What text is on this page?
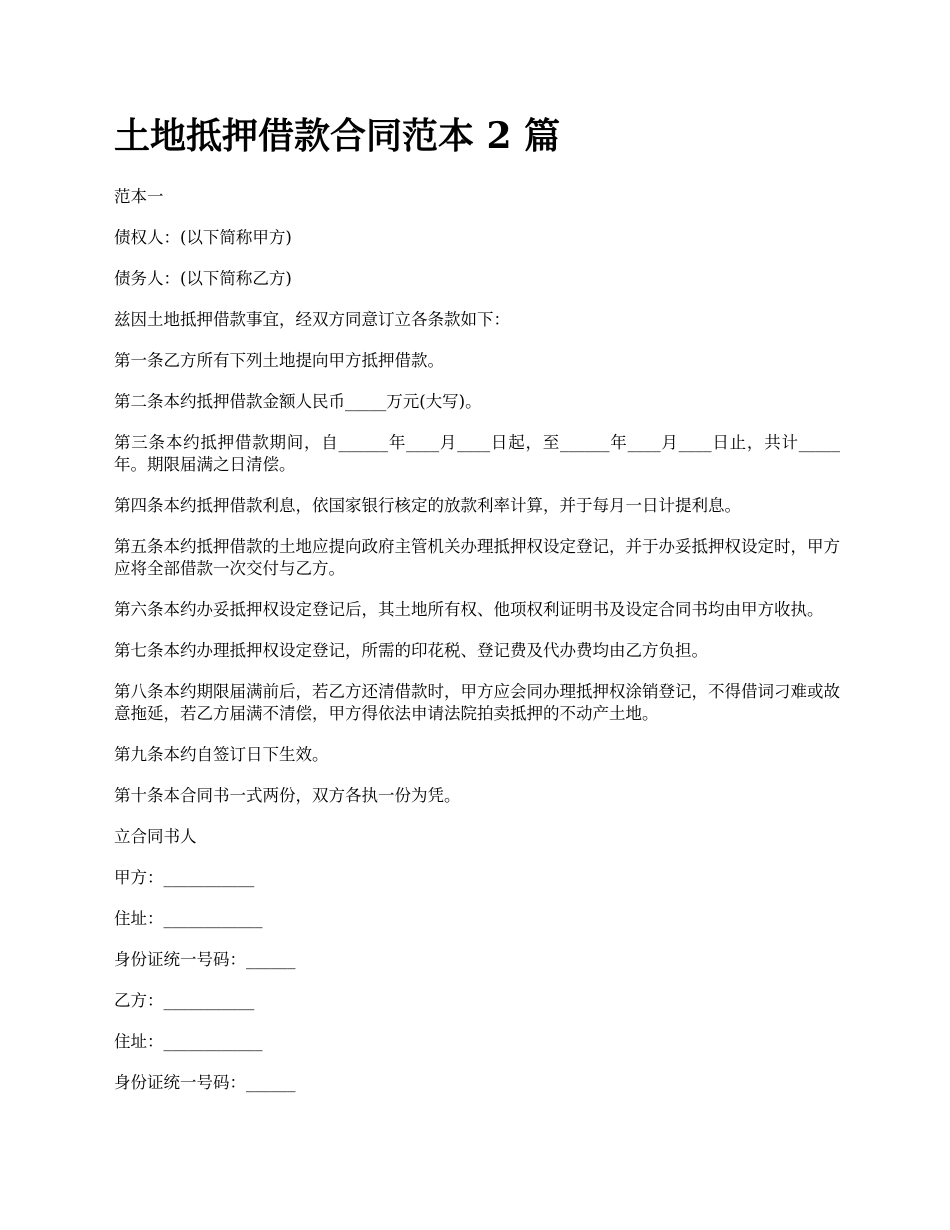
土地抵押借款合同范本 2 篇

范本一

债权人：(以下简称甲方)

债务人：(以下简称乙方)

兹因土地抵押借款事宜，经双方同意订立各条款如下：

第一条乙方所有下列土地提向甲方抵押借款。

第二条本约抵押借款金额人民币_____万元(大写)。

第三条本约抵押借款期间，自______年____月____日起，至______年____月____日止，共计_____年。期限届满之日清偿。

第四条本约抵押借款利息，依国家银行核定的放款利率计算，并于每月一日计提利息。

第五条本约抵押借款的土地应提向政府主管机关办理抵押权设定登记，并于办妥抵押权设定时，甲方应将全部借款一次交付与乙方。

第六条本约办妥抵押权设定登记后，其土地所有权、他项权利证明书及设定合同书均由甲方收执。

第七条本约办理抵押权设定登记，所需的印花税、登记费及代办费均由乙方负担。

第八条本约期限届满前后，若乙方还清借款时，甲方应会同办理抵押权涂销登记，不得借词刁难或故意拖延，若乙方届满不清偿，甲方得依法申请法院拍卖抵押的不动产土地。

第九条本约自签订日下生效。

第十条本合同书一式两份，双方各执一份为凭。

立合同书人

甲方：___________

住址：____________

身份证统一号码：______

乙方：___________

住址：____________

身份证统一号码：______
